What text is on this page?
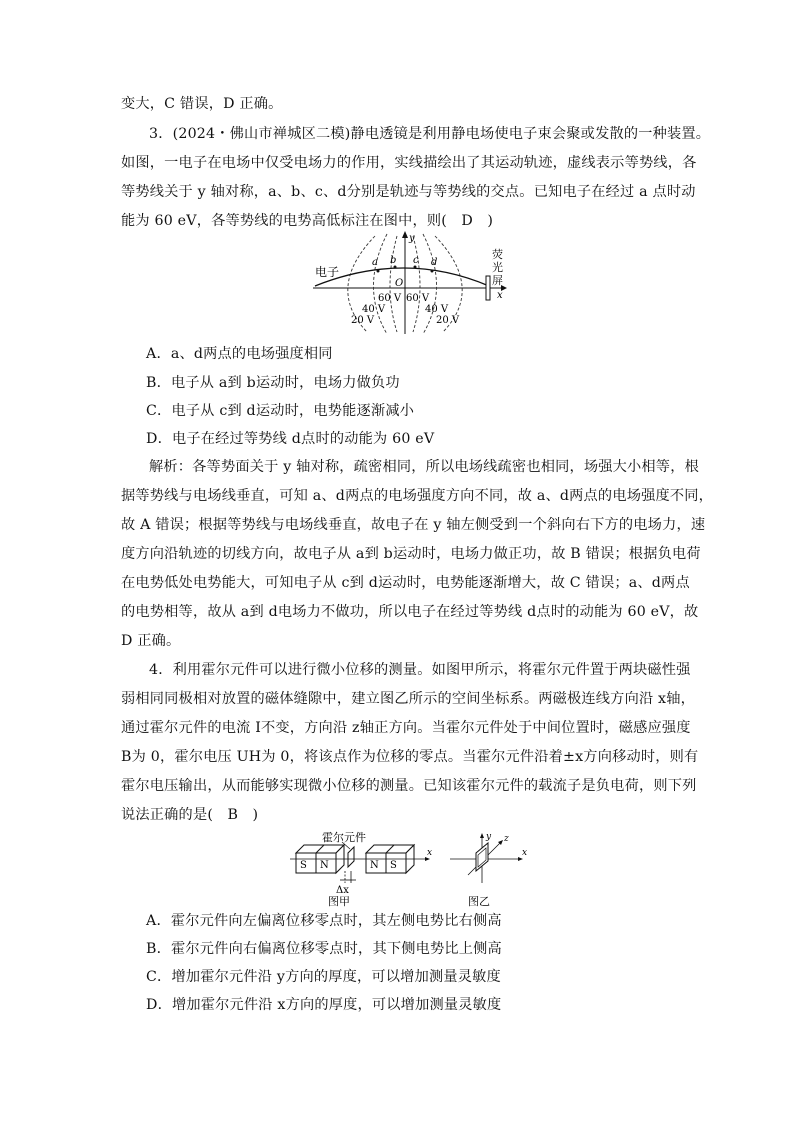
变大，C 错误，D 正确。
3．(2024・佛山市禅城区二模)静电透镜是利用静电场使电子束会聚或发散的一种装置。
如图，一电子在电场中仅受电场力的作用，实线描绘出了其运动轨迹，虚线表示等势线，各
等势线关于 y 轴对称，a、b、c、d分别是轨迹与等势线的交点。已知电子在经过 a 点时动
能为 60 eV，各等势线的电势高低标注在图中，则(　D　)
电子
y
x
O
a b c d
荧
光
屏
60 V 60 V
40 V	40 V
20 V	20 V
A．a、d两点的电场强度相同
B．电子从 a到 b运动时，电场力做负功
C．电子从 c到 d运动时，电势能逐渐减小
D．电子在经过等势线 d点时的动能为 60 eV
解析：各等势面关于 y 轴对称，疏密相同，所以电场线疏密也相同，场强大小相等，根
据等势线与电场线垂直，可知 a、d两点的电场强度方向不同，故 a、d两点的电场强度不同，
故 A 错误；根据等势线与电场线垂直，故电子在 y 轴左侧受到一个斜向右下方的电场力，速
度方向沿轨迹的切线方向，故电子从 a到 b运动时，电场力做正功，故 B 错误；根据负电荷
在电势低处电势能大，可知电子从 c到 d运动时，电势能逐渐增大，故 C 错误；a、d两点
的电势相等，故从 a到 d电场力不做功，所以电子在经过等势线 d点时的动能为 60 eV，故
D 正确。
4．利用霍尔元件可以进行微小位移的测量。如图甲所示，将霍尔元件置于两块磁性强
弱相同同极相对放置的磁体缝隙中，建立图乙所示的空间坐标系。两磁极连线方向沿 x轴，
通过霍尔元件的电流 I不变，方向沿 z轴正方向。当霍尔元件处于中间位置时，磁感应强度
B为 0，霍尔电压 UH为 0，将该点作为位移的零点。当霍尔元件沿着±x方向移动时，则有
霍尔电压输出，从而能够实现微小位移的测量。已知该霍尔元件的载流子是负电荷，则下列
说法正确的是(　B　)
霍尔元件
S N	N S
x
Δx
图甲
y z
x
图乙
A．霍尔元件向左偏离位移零点时，其左侧电势比右侧高
B．霍尔元件向右偏离位移零点时，其下侧电势比上侧高
C．增加霍尔元件沿 y方向的厚度，可以增加测量灵敏度
D．增加霍尔元件沿 x方向的厚度，可以增加测量灵敏度
